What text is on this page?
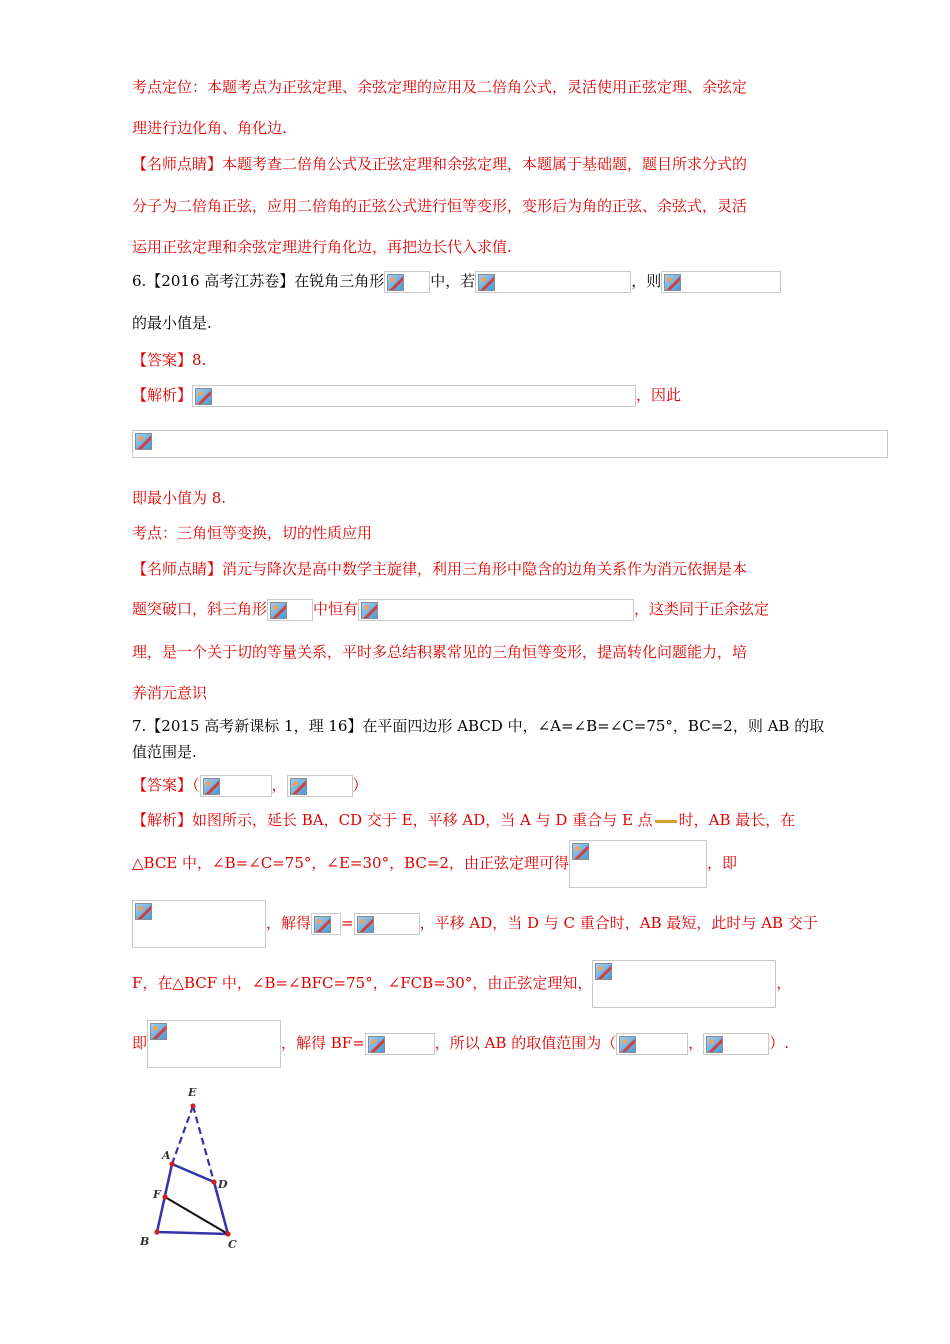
考点定位：本题考点为正弦定理、余弦定理的应用及二倍角公式，灵活使用正弦定理、余弦定
理进行边化角、角化边.
【名师点睛】本题考查二倍角公式及正弦定理和余弦定理，本题属于基础题，题目所求分式的
分子为二倍角正弦，应用二倍角的正弦公式进行恒等变形，变形后为角的正弦、余弦式，灵活
运用正弦定理和余弦定理进行角化边，再把边长代入求值.
6.【2016 高考江苏卷】在锐角三角形	中，若	，则
的最小值是.
【答案】8.
【解析】	，因此
即最小值为 8.
考点：三角恒等变换，切的性质应用
【名师点睛】消元与降次是高中数学主旋律，利用三角形中隐含的边角关系作为消元依据是本
题突破口，斜三角形	中恒有	，这类同于正余弦定
理，是一个关于切的等量关系，平时多总结积累常见的三角恒等变形，提高转化问题能力，培
养消元意识
7.【2015 高考新课标 1，理 16】在平面四边形 ABCD 中，∠A=∠B=∠C=75°，BC=2，则 AB 的取
值范围是.
【答案】（	，	）
【解析】如图所示，延长 BA，CD 交于 E，平移 AD，当 A 与 D 重合与 E 点 时，AB 最长，在
△BCE 中，∠B=∠C=75°，∠E=30°，BC=2，由正弦定理可得	，即
，解得 =	，平移 AD，当 D 与 C 重合时，AB 最短，此时与 AB 交于
F，在△BCF 中，∠B=∠BFC=75°，∠FCB=30°，由正弦定理知，	，
即	，解得 BF=	，所以 AB 的取值范围为（	，	）.
E
A
D
F
B	C
